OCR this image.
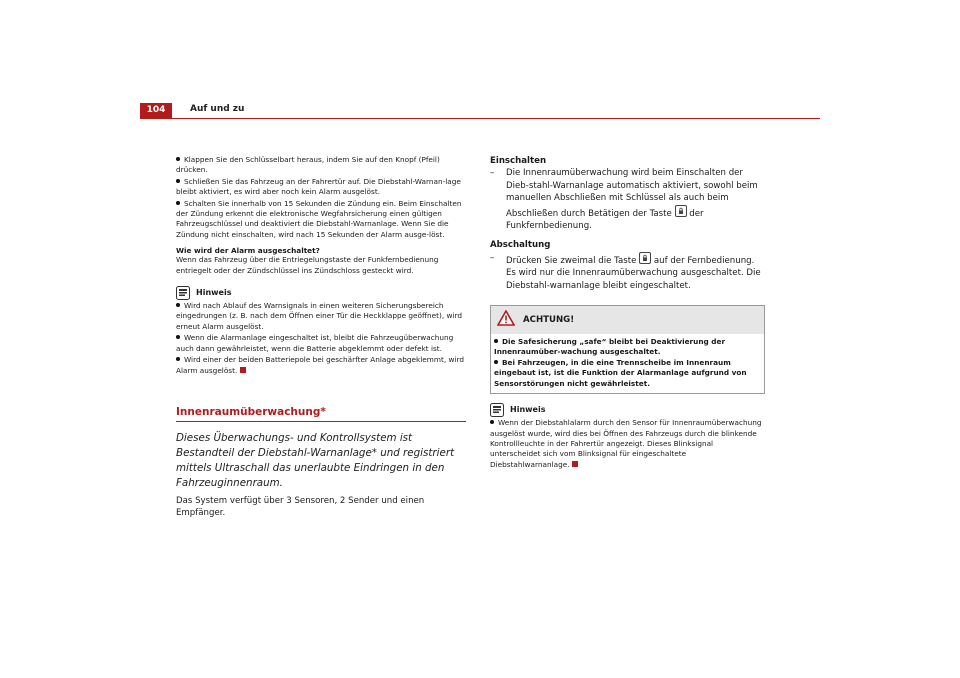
104	Auf und zu

Klappen Sie den Schlüsselbart heraus, indem Sie auf den Knopf (Pfeil) drücken.

Schließen Sie das Fahrzeug an der Fahrertür auf. Die Diebstahl-Warnan-lage bleibt aktiviert, es wird aber noch kein Alarm ausgelöst.

Schalten Sie innerhalb von 15 Sekunden die Zündung ein. Beim Einschalten der Zündung erkennt die elektronische Wegfahrsicherung einen gültigen Fahrzeugschlüssel und deaktiviert die Diebstahl-Warnanlage. Wenn Sie die Zündung nicht einschalten, wird nach 15 Sekunden der Alarm ausge-löst.

Wie wird der Alarm ausgeschaltet?

Wenn das Fahrzeug über die Entriegelungstaste der Funkfernbedienung entriegelt oder der Zündschlüssel ins Zündschloss gesteckt wird.

Hinweis

Wird nach Ablauf des Warnsignals in einen weiteren Sicherungsbereich eingedrungen (z. B. nach dem Öffnen einer Tür die Heckklappe geöffnet), wird erneut Alarm ausgelöst.

Wenn die Alarmanlage eingeschaltet ist, bleibt die Fahrzeugüberwachung auch dann gewährleistet, wenn die Batterie abgeklemmt oder defekt ist.

Wird einer der beiden Batteriepole bei geschärfter Anlage abgeklemmt, wird Alarm ausgelöst.

Innenraumüberwachung*

Dieses Überwachungs- und Kontrollsystem ist Bestandteil der Diebstahl-Warnanlage* und registriert mittels Ultraschall das unerlaubte Eindringen in den Fahrzeuginnenraum.

Das System verfügt über 3 Sensoren, 2 Sender und einen Empfänger.

Einschalten

– Die Innenraumüberwachung wird beim Einschalten der Dieb-stahl-Warnanlage automatisch aktiviert, sowohl beim manuellen Abschließen mit Schlüssel als auch beim Abschließen durch Betätigen der Taste der Funkfernbedienung.

Abschaltung

– Drücken Sie zweimal die Taste auf der Fernbedienung. Es wird nur die Innenraumüberwachung ausgeschaltet. Die Diebstahl-warnanlage bleibt eingeschaltet.

ACHTUNG!

Die Safesicherung „safe“ bleibt bei Deaktivierung der Innenraumüber-wachung ausgeschaltet.

Bei Fahrzeugen, in die eine Trennscheibe im Innenraum eingebaut ist, ist die Funktion der Alarmanlage aufgrund von Sensorstörungen nicht gewährleistet.

Hinweis

Wenn der Diebstahlalarm durch den Sensor für Innenraumüberwachung ausgelöst wurde, wird dies bei Öffnen des Fahrzeugs durch die blinkende Kontrollleuchte in der Fahrertür angezeigt. Dieses Blinksignal unterscheidet sich vom Blinksignal für eingeschaltete Diebstahlwarnanlage.
